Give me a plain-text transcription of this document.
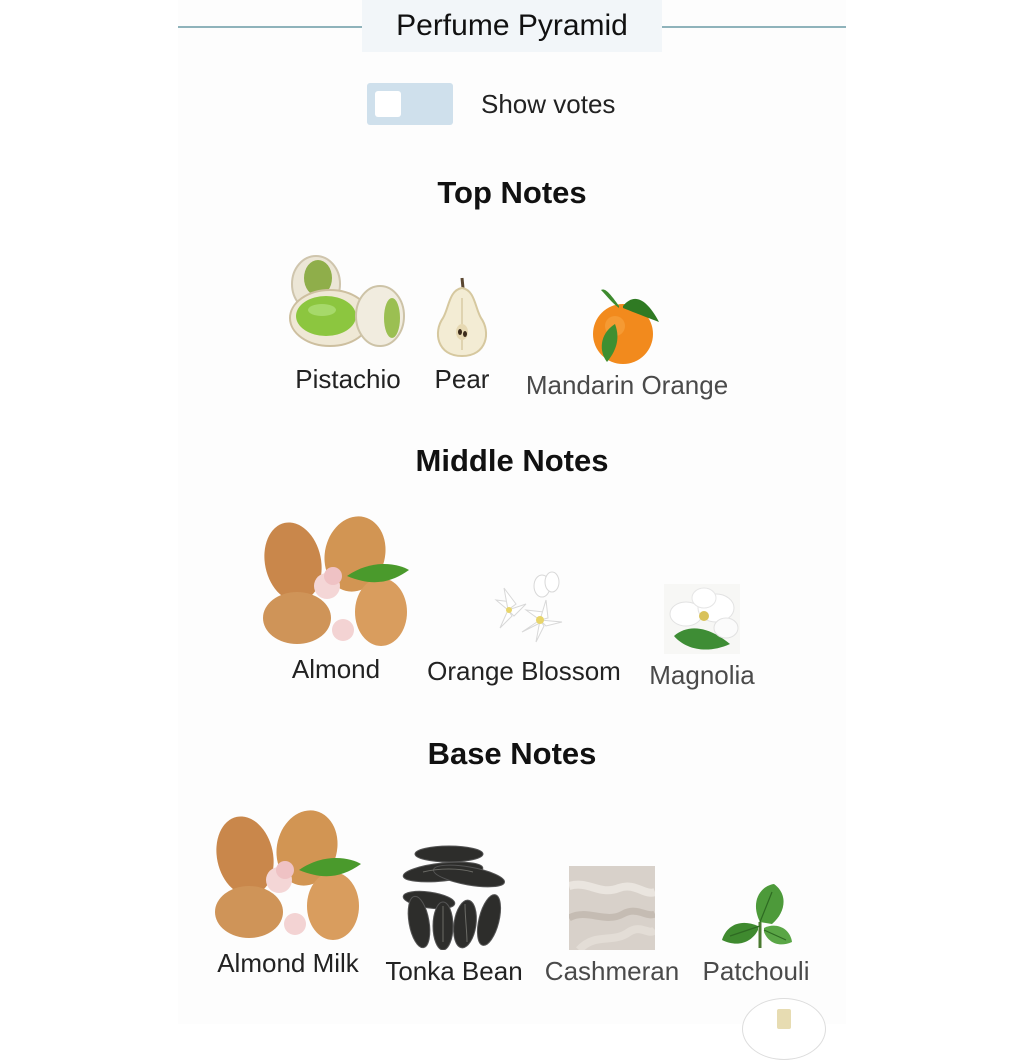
Perfume Pyramid
Show votes
Top Notes
Pistachio Pear Mandarin Orange
Middle Notes
Almond Orange Blossom Magnolia
Base Notes
Almond Milk Tonka Bean Cashmeran Patchouli
